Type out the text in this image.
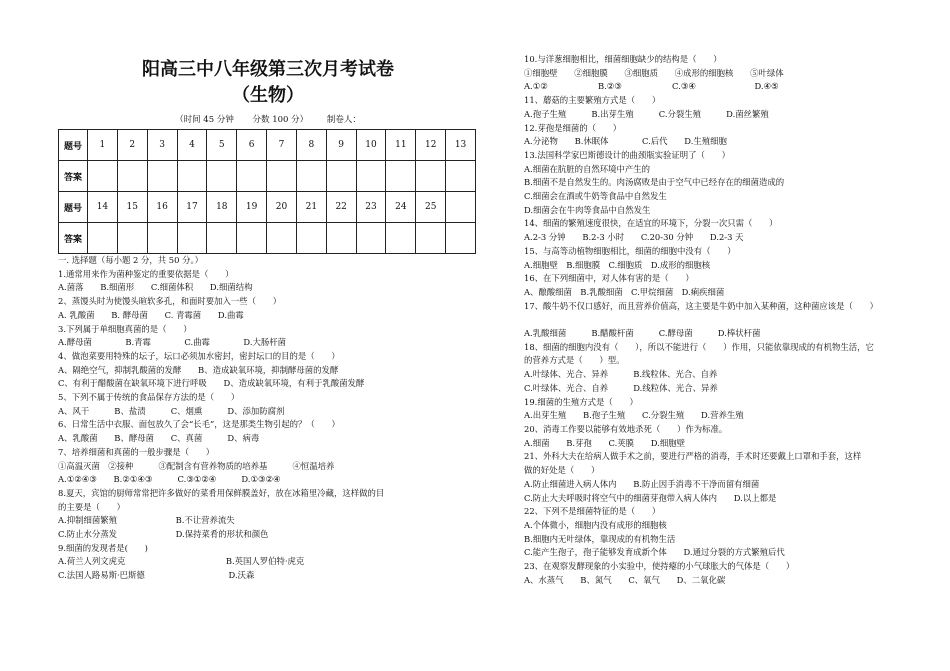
阳高三中八年级第三次月考试卷
（生物）
（时间 45 分钟 分数 100 分） 制卷人：
题号	1	2	3	4	5	6	7	8	9	10	11	12	13
答案													
题号	14	15	16	17	18	19	20	21	22	23	24	25	
答案													
一. 选择题（每小题 2 分，共 50 分。）
1.通常用来作为菌种鉴定的重要依据是（　　）
A.菌落　　B.细菌形　　C.细菌体积　　D.细菌结构
2、蒸馒头时为使馒头暄软多孔，和面时要加入一些（　　）
A. 乳酸菌　　B. 酵母菌　　C. 青霉菌　　D.曲霉
3.下列属于单细胞真菌的是（　　）
A.酵母菌　　　　B.青霉　　　　C.曲霉　　　　D.大肠杆菌
4、做泡菜要用特殊的坛子，坛口必须加水密封，密封坛口的目的是（　　）
A、隔绝空气，抑制乳酸菌的发酵　　B、造成缺氧环境，抑制酵母菌的发酵
C、有利于醋酸菌在缺氧环境下进行呼吸　　D、造成缺氧环境，有利于乳酸菌发酵
5、下列不属于传统的食品保存方法的是（　　）
A、风干　　　B、盐渍　　　C、烟熏　　　D、添加防腐剂
6、日常生活中衣服、面包放久了会“长毛”，这是那类生物引起的？（　　）
A、乳酸菌　　B、酵母菌　　C、真菌　　　D、病毒
7、培养细菌和真菌的一般步骤是（　　）
①高温灭菌　②接种　　　③配制含有营养物质的培养基　　　④恒温培养
A.①②④③　　B.②①④③　　　C.③①②④　　　D.①③②④
8.夏天，宾馆的厨师常常把许多做好的菜肴用保鲜膜盖好，放在冰箱里冷藏，这样做的目
的主要是（　　）
A.抑制细菌繁殖　　　　　　　B.不让营养流失
C.防止水分蒸发　　　　　　　D.保持菜肴的形状和颜色
9.细菌的发现者是(　　)
A.荷兰人列文虎克　　　　　　　　　　　　B.英国人罗伯特·虎克
C.法国人路易斯·巴斯德　　　　　　　　　　D.沃森
10.与洋葱细胞相比，细菌细胞缺少的结构是（　　）
①细胞壁　　②细胞膜　　③细胞质　　④成形的细胞核　　⑤叶绿体
A.①②　　　　　　B.②③　　　　　　C.③④　　　　　　　D.④⑤
11、蘑菇的主要繁殖方式是（　　）
A.孢子生殖　　　B.出芽生殖　　　C.分裂生殖　　　D.菌丝繁殖
12.芽孢是细菌的（　　）
A.分泌物　　B.休眠体　　　　C.后代　　D.生殖细胞
13.法国科学家巴斯德设计的曲颈瓶实验证明了（　　）
A.细菌在肮脏的自然环境中产生的
B.细菌不是自然发生的。肉汤腐败是由于空气中已经存在的细菌造成的
C.细菌会在酒或牛奶等食品中自然发生
D.细菌会在牛肉等食品中自然发生
14、细菌的繁殖速度很快，在适宜的环境下，分裂一次只需（　　）
A.2-3 分钟　　B.2-3 小时　　C.20-30 分钟　　D.2-3 天
15、与高等动植物细胞相比，细菌的细胞中没有（　　）
A.细胞壁　B.细胞膜　C.细胞质　D.成形的细胞核
16、在下列细菌中，对人体有害的是（　　）
A、酿酸细菌　B.乳酸细菌　C.甲烷细菌　D.痢疾细菌
17、酸牛奶不仅口感好，而且营养价值高，这主要是牛奶中加入某种菌，这种菌应该是（　　）

A.乳酸细菌　　　B.醋酸杆菌　　　C.酵母菌　　　D.棒状杆菌
18、细菌的细胞内没有（　　），所以不能进行（　　）作用，只能依靠现成的有机物生活，它
的营养方式是（　　）型。
A.叶绿体、光合、异养　　　B.线粒体、光合、自养
C.叶绿体、光合、自养　　　D.线粒体、光合、异养
19.细菌的生殖方式是（　　）
A.出芽生殖　　B.孢子生殖　　C.分裂生殖　　D.营养生殖
20、消毒工作要以能够有效地杀死（　　）作为标准。
A.细菌　　B.芽孢　　C.荚膜　　D.细胞壁
21、外科大夫在给病人做手术之前，要进行严格的消毒，手术时还要戴上口罩和手套，这样
做的好处是（　　）
A.防止细菌进入病人体内　　B.防止因手消毒不干净而留有细菌
C.防止大夫呼吸时将空气中的细菌芽孢带入病人体内　　D.以上都是
22、下列不是细菌特征的是（　　）
A.个体微小，细胞内没有成形的细胞核
B.细胞内无叶绿体，靠现成的有机物生活
C.能产生孢子，孢子能够发育成新个体　　D.通过分裂的方式繁殖后代
23、在观察发酵现象的小实验中，使持瘪的小气球胀大的气体是（　　）
A、水蒸气　　B、氮气　　C、氧气　　D、二氧化碳
